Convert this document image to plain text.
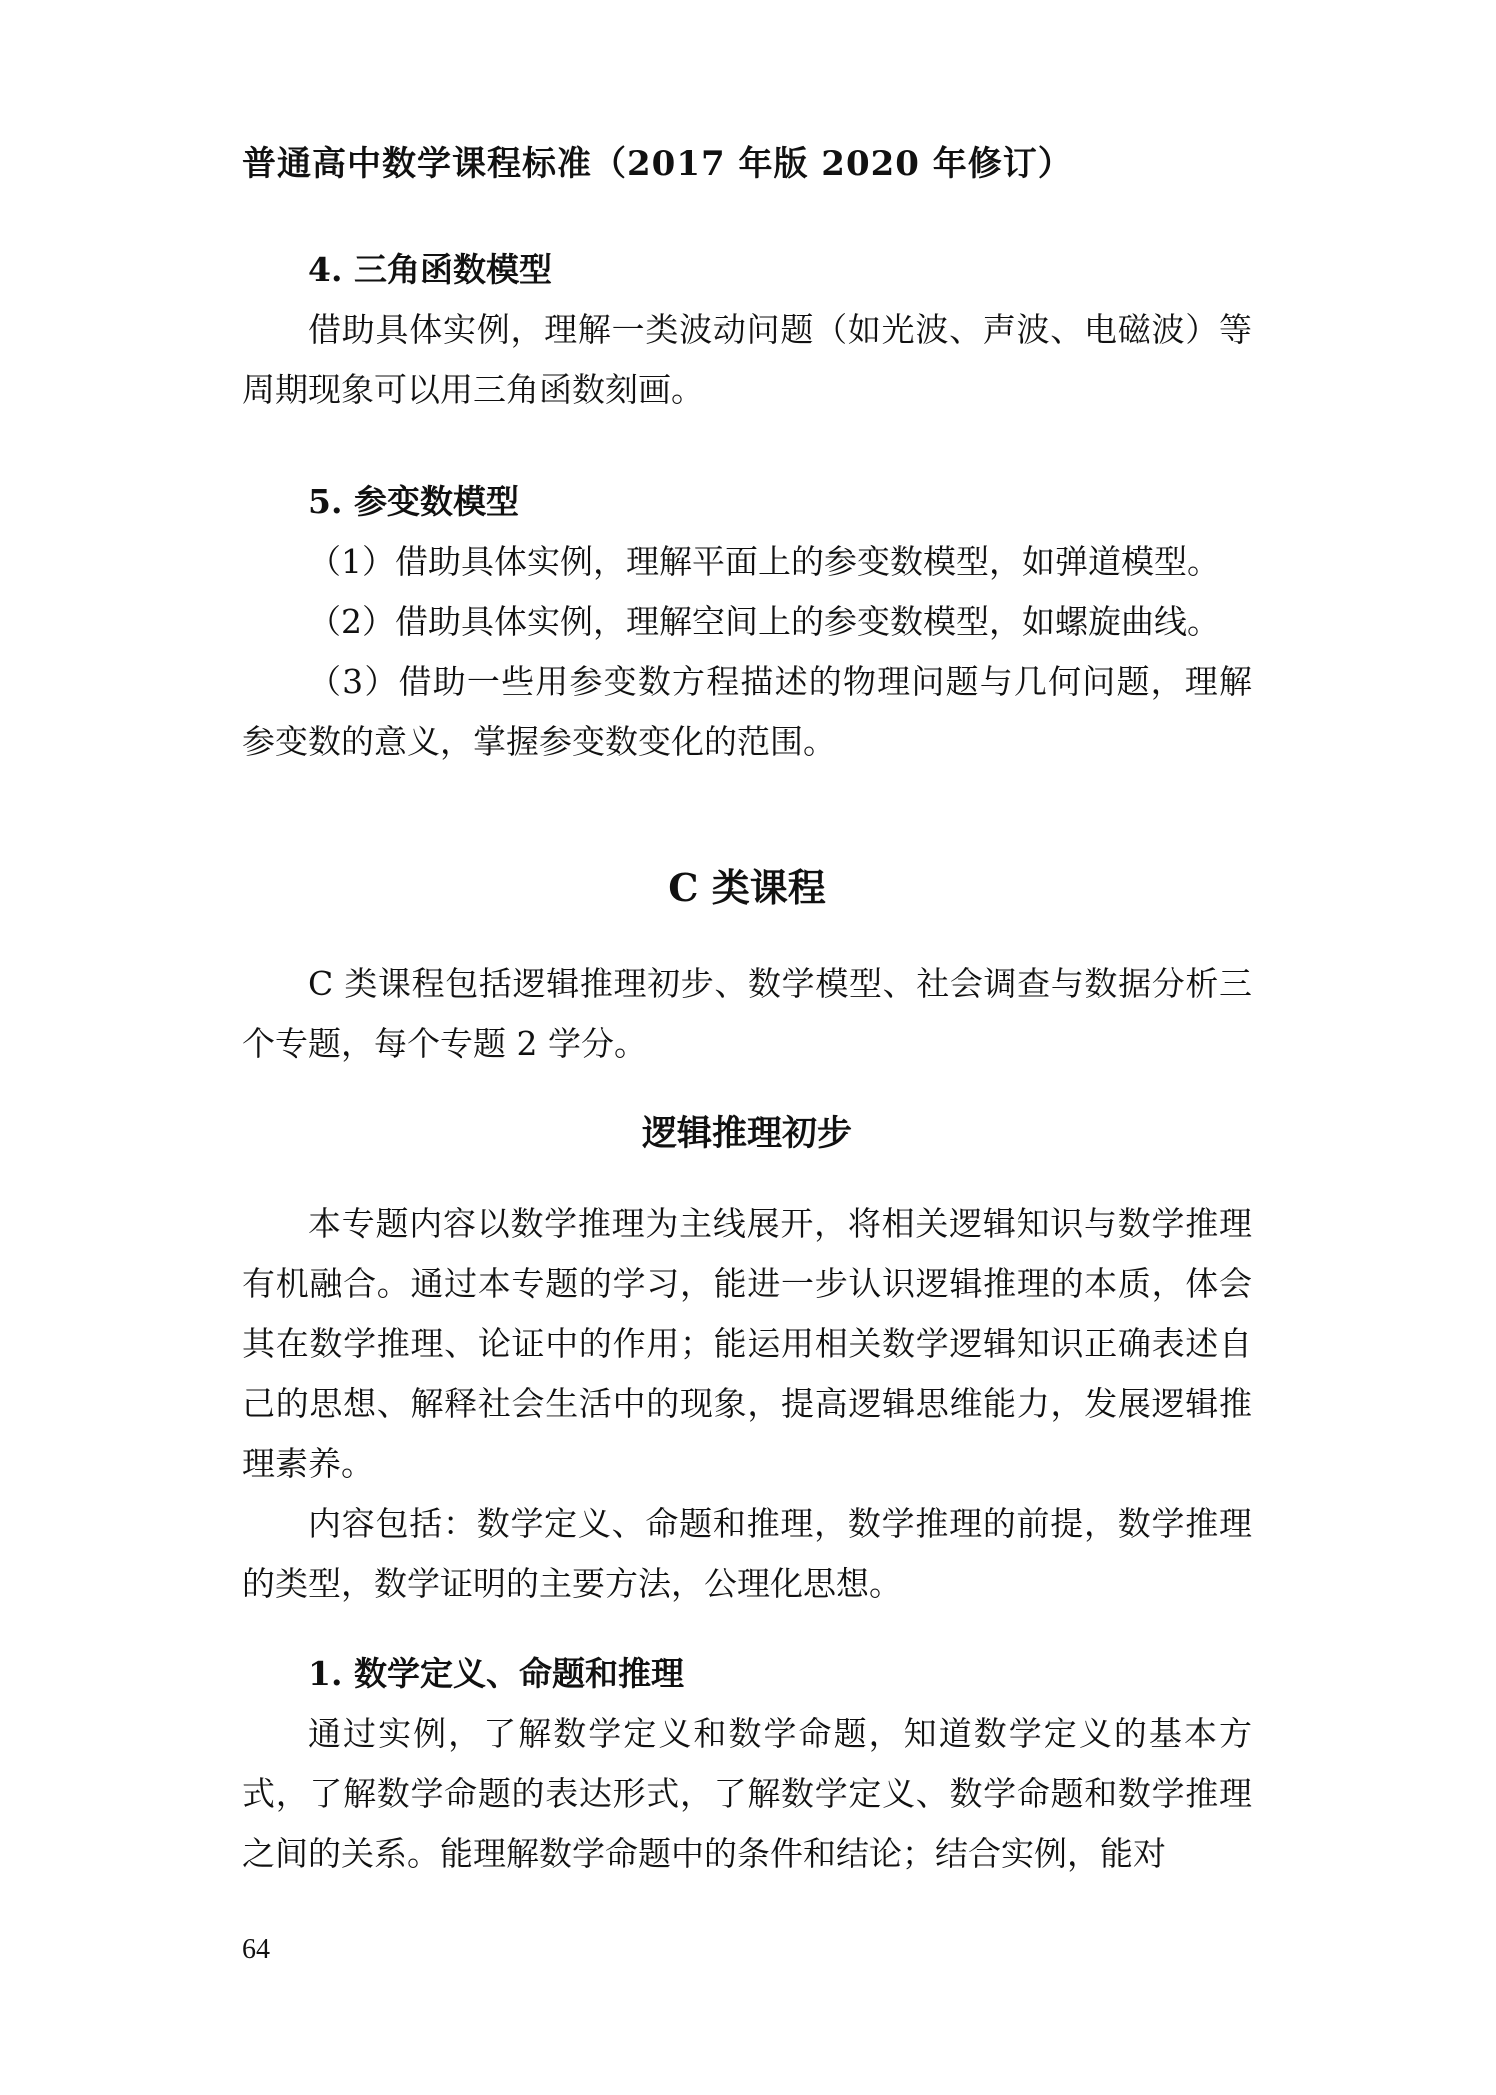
普通高中数学课程标准（2017 年版 2020 年修订）
4. 三角函数模型

借助具体实例，理解一类波动问题（如光波、声波、电磁波）等周期现象可以用三角函数刻画。

5. 参变数模型

（1）借助具体实例，理解平面上的参变数模型，如弹道模型。

（2）借助具体实例，理解空间上的参变数模型，如螺旋曲线。

（3）借助一些用参变数方程描述的物理问题与几何问题，理解参变数的意义，掌握参变数变化的范围。

C 类课程

C 类课程包括逻辑推理初步、数学模型、社会调查与数据分析三个专题，每个专题 2 学分。

逻辑推理初步

本专题内容以数学推理为主线展开，将相关逻辑知识与数学推理有机融合。通过本专题的学习，能进一步认识逻辑推理的本质，体会其在数学推理、论证中的作用；能运用相关数学逻辑知识正确表述自己的思想、解释社会生活中的现象，提高逻辑思维能力，发展逻辑推理素养。

内容包括：数学定义、命题和推理，数学推理的前提，数学推理的类型，数学证明的主要方法，公理化思想。

1. 数学定义、命题和推理

通过实例，了解数学定义和数学命题，知道数学定义的基本方式，了解数学命题的表达形式，了解数学定义、数学命题和数学推理之间的关系。能理解数学命题中的条件和结论；结合实例，能对

64
